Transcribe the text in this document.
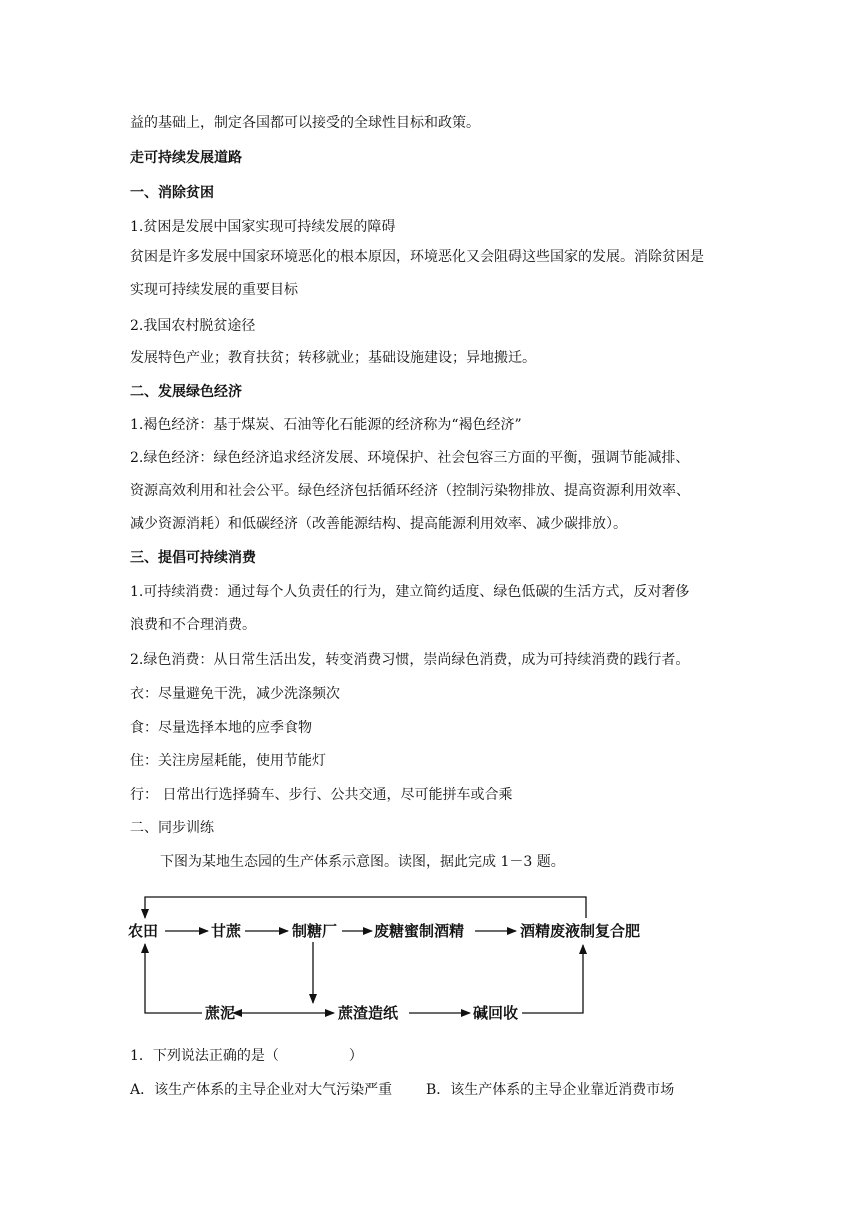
益的基础上，制定各国都可以接受的全球性目标和政策。
走可持续发展道路
一、消除贫困
1.贫困是发展中国家实现可持续发展的障碍
贫困是许多发展中国家环境恶化的根本原因，环境恶化又会阻碍这些国家的发展。消除贫困是
实现可持续发展的重要目标
2.我国农村脱贫途径
发展特色产业；教育扶贫；转移就业；基础设施建设；异地搬迁。
二、发展绿色经济
1.褐色经济：基于煤炭、石油等化石能源的经济称为“褐色经济”
2.绿色经济：绿色经济追求经济发展、环境保护、社会包容三方面的平衡，强调节能减排、
资源高效利用和社会公平。绿色经济包括循环经济（控制污染物排放、提高资源利用效率、
减少资源消耗）和低碳经济（改善能源结构、提高能源利用效率、减少碳排放）。
三、提倡可持续消费
1.可持续消费：通过每个人负责任的行为，建立简约适度、绿色低碳的生活方式，反对奢侈
浪费和不合理消费。
2.绿色消费：从日常生活出发，转变消费习惯，崇尚绿色消费，成为可持续消费的践行者。
衣：尽量避免干洗，减少洗涤频次
食：尽量选择本地的应季食物
住：关注房屋耗能，使用节能灯
行： 日常出行选择骑车、步行、公共交通，尽可能拼车或合乘
二、同步训练
下图为某地生态园的生产体系示意图。读图，据此完成 1－3 题。
农田	甘蔗	制糖厂 废糖蜜制酒精	酒精废液制复合肥
蔗泥	蔗渣造纸	碱回收
1．下列说法正确的是（　　　　　）
A．该生产体系的主导企业对大气污染严重 B．该生产体系的主导企业靠近消费市场
